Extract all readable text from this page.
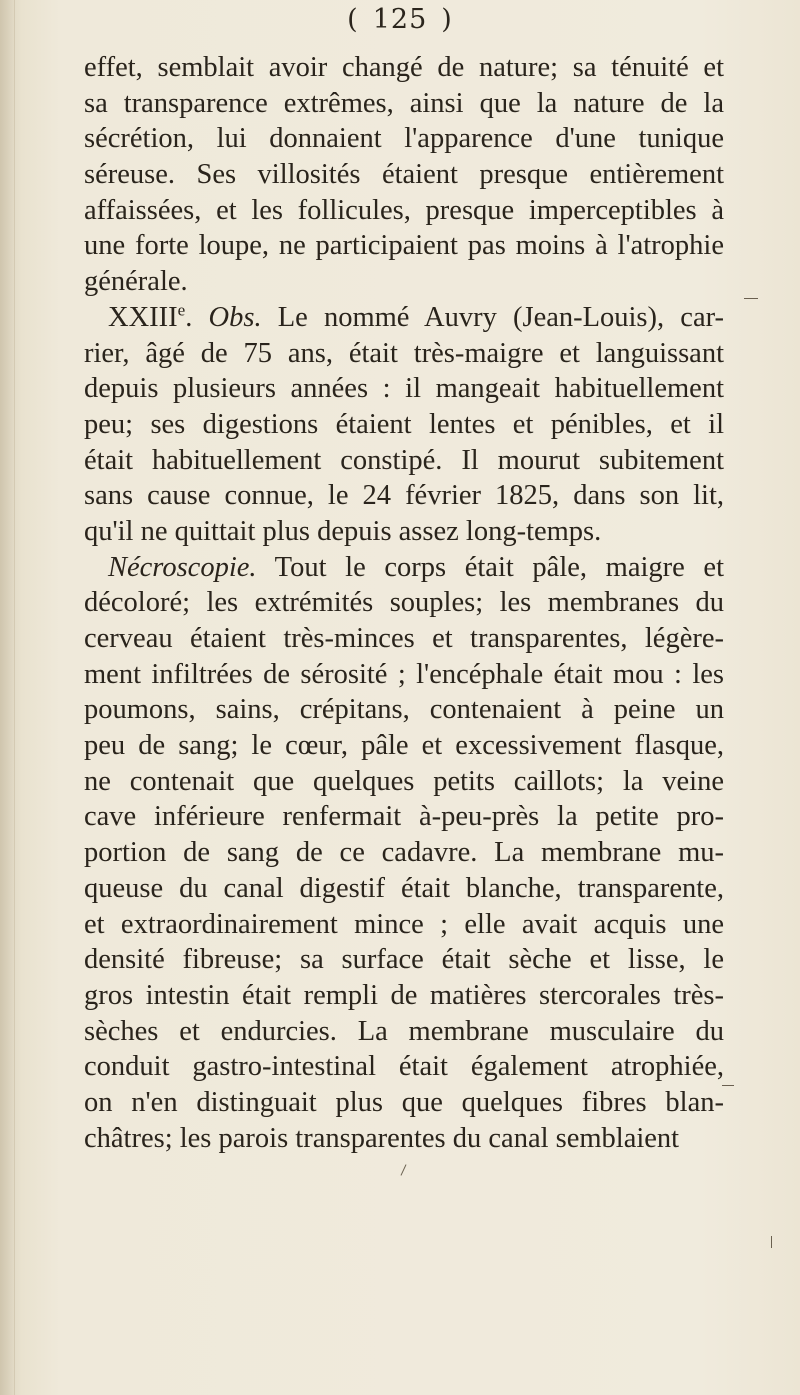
( 125 )
effet, semblait avoir changé de nature; sa ténuité et
sa transparence extrêmes, ainsi que la nature de la
sécrétion, lui donnaient l'apparence d'une tunique
séreuse. Ses villosités étaient presque entièrement
affaissées, et les follicules, presque imperceptibles à
une forte loupe, ne participaient pas moins à l'atrophie
générale.
XXIIIe. Obs. Le nommé Auvry (Jean-Louis), car-
rier, âgé de 75 ans, était très-maigre et languissant
depuis plusieurs années : il mangeait habituellement
peu; ses digestions étaient lentes et pénibles, et il
était habituellement constipé. Il mourut subitement
sans cause connue, le 24 février 1825, dans son lit,
qu'il ne quittait plus depuis assez long-temps.
Nécroscopie. Tout le corps était pâle, maigre et
décoloré; les extrémités souples; les membranes du
cerveau étaient très-minces et transparentes, légère-
ment infiltrées de sérosité ; l'encéphale était mou : les
poumons, sains, crépitans, contenaient à peine un
peu de sang; le cœur, pâle et excessivement flasque,
ne contenait que quelques petits caillots; la veine
cave inférieure renfermait à-peu-près la petite pro-
portion de sang de ce cadavre. La membrane mu-
queuse du canal digestif était blanche, transparente,
et extraordinairement mince ; elle avait acquis une
densité fibreuse; sa surface était sèche et lisse, le
gros intestin était rempli de matières stercorales très-
sèches et endurcies. La membrane musculaire du
conduit gastro-intestinal était également atrophiée,
on n'en distinguait plus que quelques fibres blan-
châtres; les parois transparentes du canal semblaient
